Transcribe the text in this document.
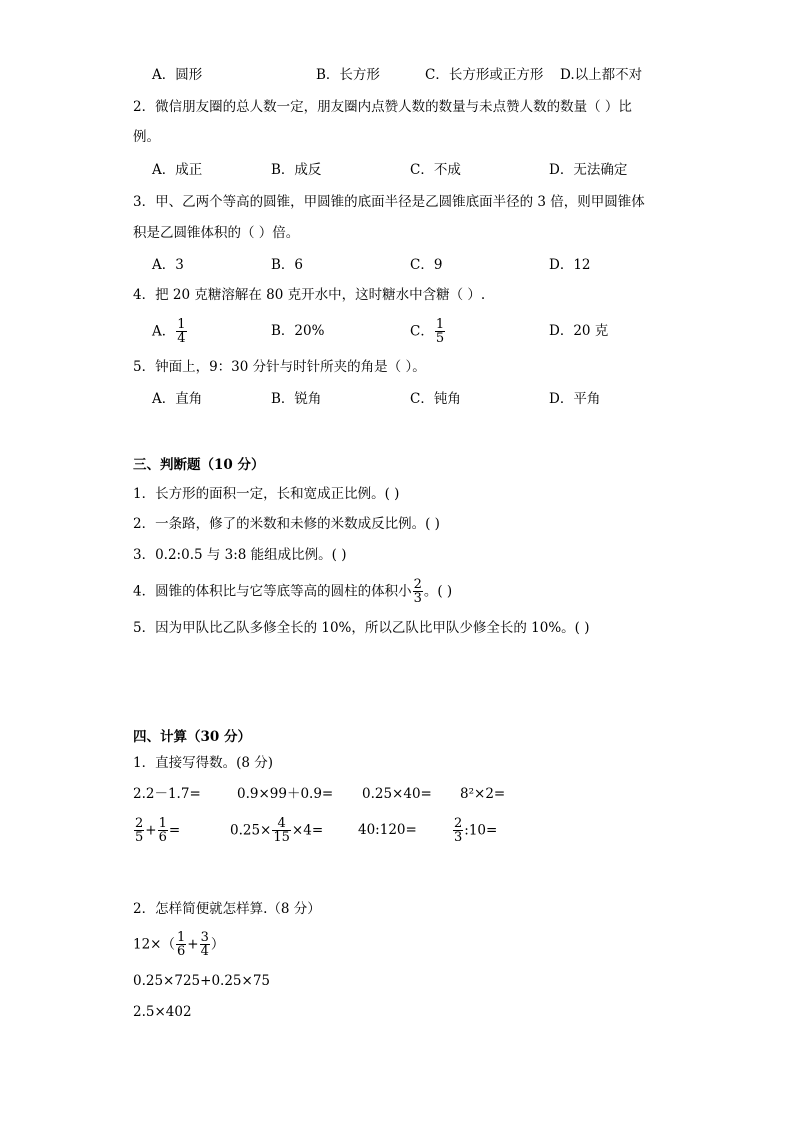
A．圆形	B．长方形	C．长方形或正方形 D.以上都不对
2．微信朋友圈的总人数一定，朋友圈内点赞人数的数量与未点赞人数的数量（ ）比
例。
A．成正	B．成反	C．不成	D．无法确定
3．甲、乙两个等高的圆锥，甲圆锥的底面半径是乙圆锥底面半径的 3 倍，则甲圆锥体
积是乙圆锥体积的（ ）倍。
A．3	B．6	C．9	D．12
4．把 20 克糖溶解在 80 克开水中，这时糖水中含糖（ ）.
A． $\frac{1}{4}$	B．20%	C． $\frac{1}{5}$	D．20 克
5．钟面上，9：30 分针与时针所夹的角是（ ）。
A．直角	B．锐角	C．钝角	D．平角
三、判断题（10 分）
1．长方形的面积一定，长和宽成正比例。( )
2．一条路，修了的米数和未修的米数成反比例。( )
3．0.2:0.5 与 3:8 能组成比例。( )
4．圆锥的体积比与它等底等高的圆柱的体积小 $\frac{2}{3}$ 。( )
5．因为甲队比乙队多修全长的 10%，所以乙队比甲队少修全长的 10%。( )
四、计算（30 分）
1．直接写得数。(8 分)
2.2－1.7=	0.9×99＋0.9= 0.25×40= 8²×2=
$\frac{2}{5} + \frac{1}{6}$ =	$0.25\times \frac{4}{15} \times 4=$	40:120=	$\frac{2}{3}$ :10=
2．怎样简便就怎样算.（8 分）
$12\times( \frac{1}{6} + \frac{3}{4}$ ）
0.25×725+0.25×75
2.5×402
